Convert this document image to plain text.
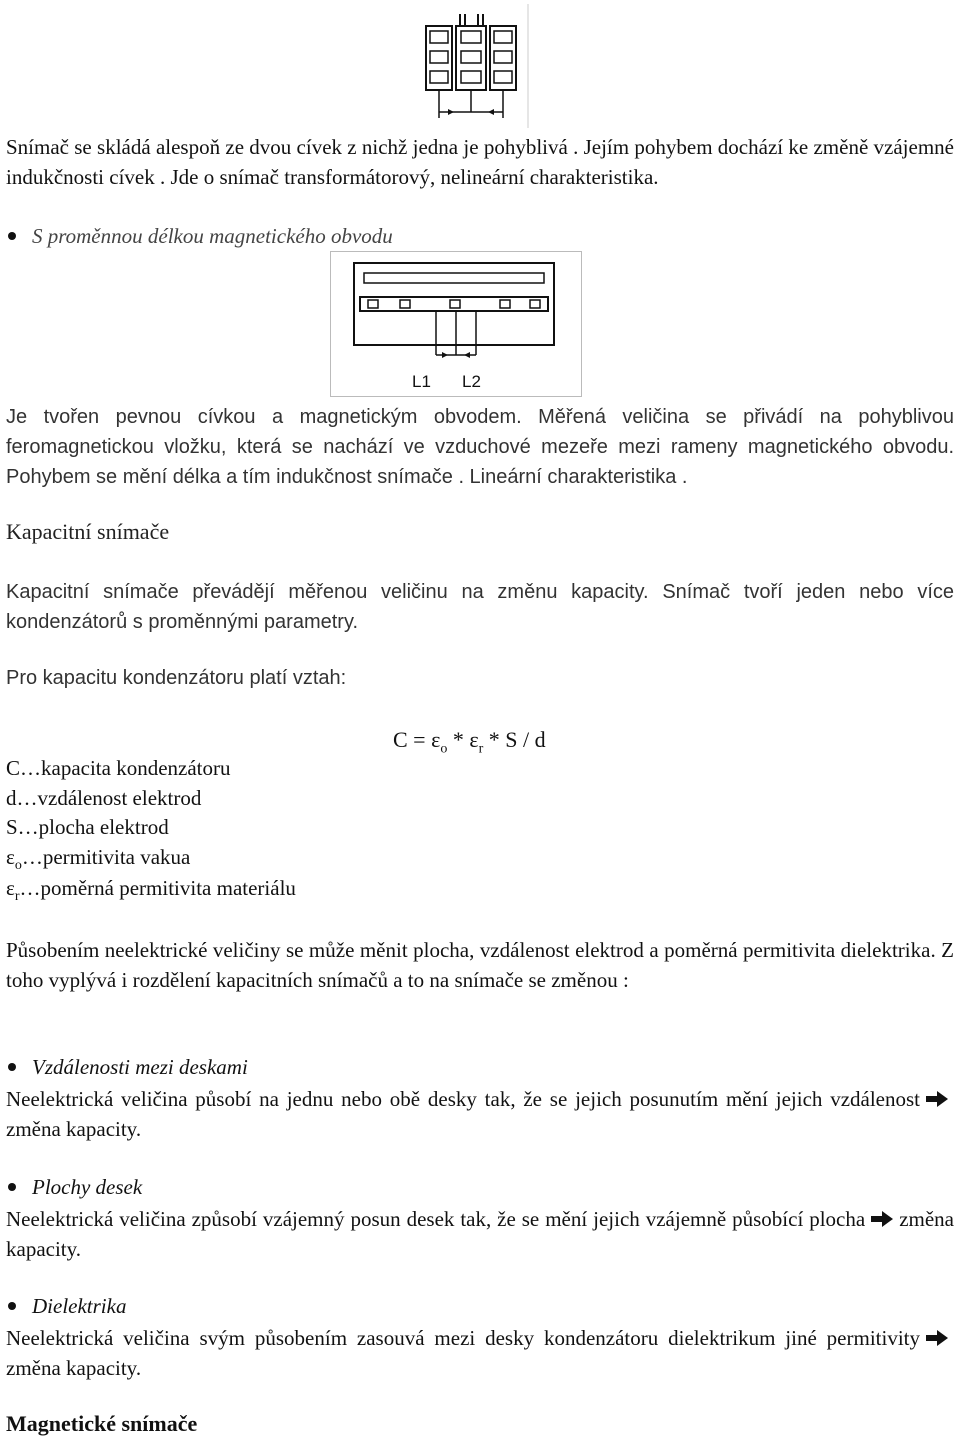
Snímač se skládá alespoň ze dvou cívek z nichž jedna je pohyblivá . Jejím pohybem dochází ke změně vzájemné indukčnosti cívek . Jde o snímač transformátorový, nelineární charakteristika.
S proměnnou délkou magnetického obvodu
L1 L2
Je tvořen pevnou cívkou a magnetickým obvodem. Měřená veličina se přivádí na pohyblivou feromagnetickou vložku, která se nachází ve vzduchové mezeře mezi rameny magnetického obvodu. Pohybem se mění délka a tím indukčnost snímače . Lineární charakteristika .
Kapacitní snímače
Kapacitní snímače převádějí měřenou veličinu na změnu kapacity. Snímač tvoří jeden nebo více kondenzátorů s proměnnými parametry.
Pro kapacitu kondenzátoru platí vztah:
$C = \varepsilon_o * \varepsilon_r * S / d$
C…kapacita kondenzátoru
d…vzdálenost elektrod
S…plocha elektrod
$\varepsilon_o\dots permitivita$ vakua
$\varepsilon_r\dots poměrná$ permitivita materiálu
Působením neelektrické veličiny se může měnit plocha, vzdálenost elektrod a poměrná permitivita dielektrika. Z toho vyplývá i rozdělení kapacitních snímačů a to na snímače se změnou :
Vzdálenosti mezi deskami
Neelektrická veličina působí na jednu nebo obě desky tak, že se jejich posunutím mění jejich vzdálenostzměna kapacity.
Plochy desek
Neelektrická veličina způsobí vzájemný posun desek tak, že se mění jejich vzájemně působící plocha změna kapacity.
Dielektrika
Neelektrická veličina svým působením zasouvá mezi desky kondenzátoru dielektrikum jiné permitivityzměna kapacity.
Magnetické snímače
